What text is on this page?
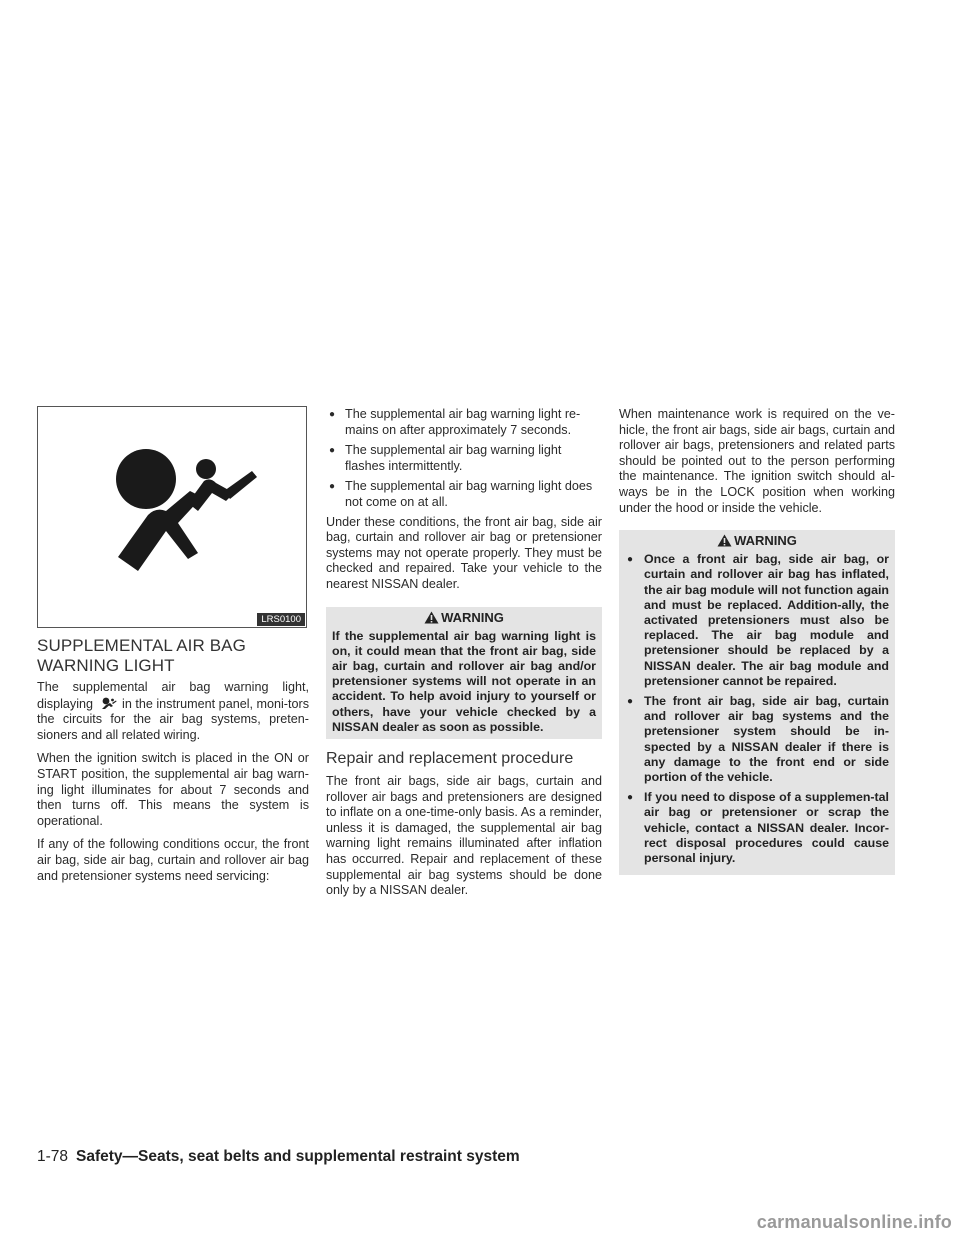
LRS0100
SUPPLEMENTAL AIR BAG
WARNING LIGHT

The supplemental air bag warning light, displaying in the instrument panel, moni-tors the circuits for the air bag systems, preten-sioners and all related wiring.

When the ignition switch is placed in the ON or START position, the supplemental air bag warn-ing light illuminates for about 7 seconds and then turns off. This means the system is operational.

If any of the following conditions occur, the front air bag, side air bag, curtain and rollover air bag and pretensioner systems need servicing:

● The supplemental air bag warning light re-mains on after approximately 7 seconds.
● The supplemental air bag warning light flashes intermittently.
● The supplemental air bag warning light does not come on at all.

Under these conditions, the front air bag, side air bag, curtain and rollover air bag or pretensioner systems may not operate properly. They must be checked and repaired. Take your vehicle to the nearest NISSAN dealer.

WARNING

If the supplemental air bag warning light is on, it could mean that the front air bag, side air bag, curtain and rollover air bag and/or pretensioner systems will not operate in an accident. To help avoid injury to yourself or others, have your vehicle checked by a NISSAN dealer as soon as possible.

Repair and replacement procedure

The front air bags, side air bags, curtain and rollover air bags and pretensioners are designed to inflate on a one-time-only basis. As a reminder, unless it is damaged, the supplemental air bag warning light remains illuminated after inflation has occurred. Repair and replacement of these supplemental air bag systems should be done only by a NISSAN dealer.

When maintenance work is required on the ve-hicle, the front air bags, side air bags, curtain and rollover air bags, pretensioners and related parts should be pointed out to the person performing the maintenance. The ignition switch should al-ways be in the LOCK position when working under the hood or inside the vehicle.

WARNING
● Once a front air bag, side air bag, or curtain and rollover air bag has inflated, the air bag module will not function again and must be replaced. Addition-ally, the activated pretensioners must also be replaced. The air bag module and pretensioner should be replaced by a NISSAN dealer. The air bag module and pretensioner cannot be repaired.
● The front air bag, side air bag, curtain and rollover air bag systems and the pretensioner system should be in-spected by a NISSAN dealer if there is any damage to the front end or side portion of the vehicle.
● If you need to dispose of a supplemen-tal air bag or pretensioner or scrap the vehicle, contact a NISSAN dealer. Incor-rect disposal procedures could cause personal injury.
1-78 Safety—Seats, seat belts and supplemental restraint system
carmanualsonline.info
